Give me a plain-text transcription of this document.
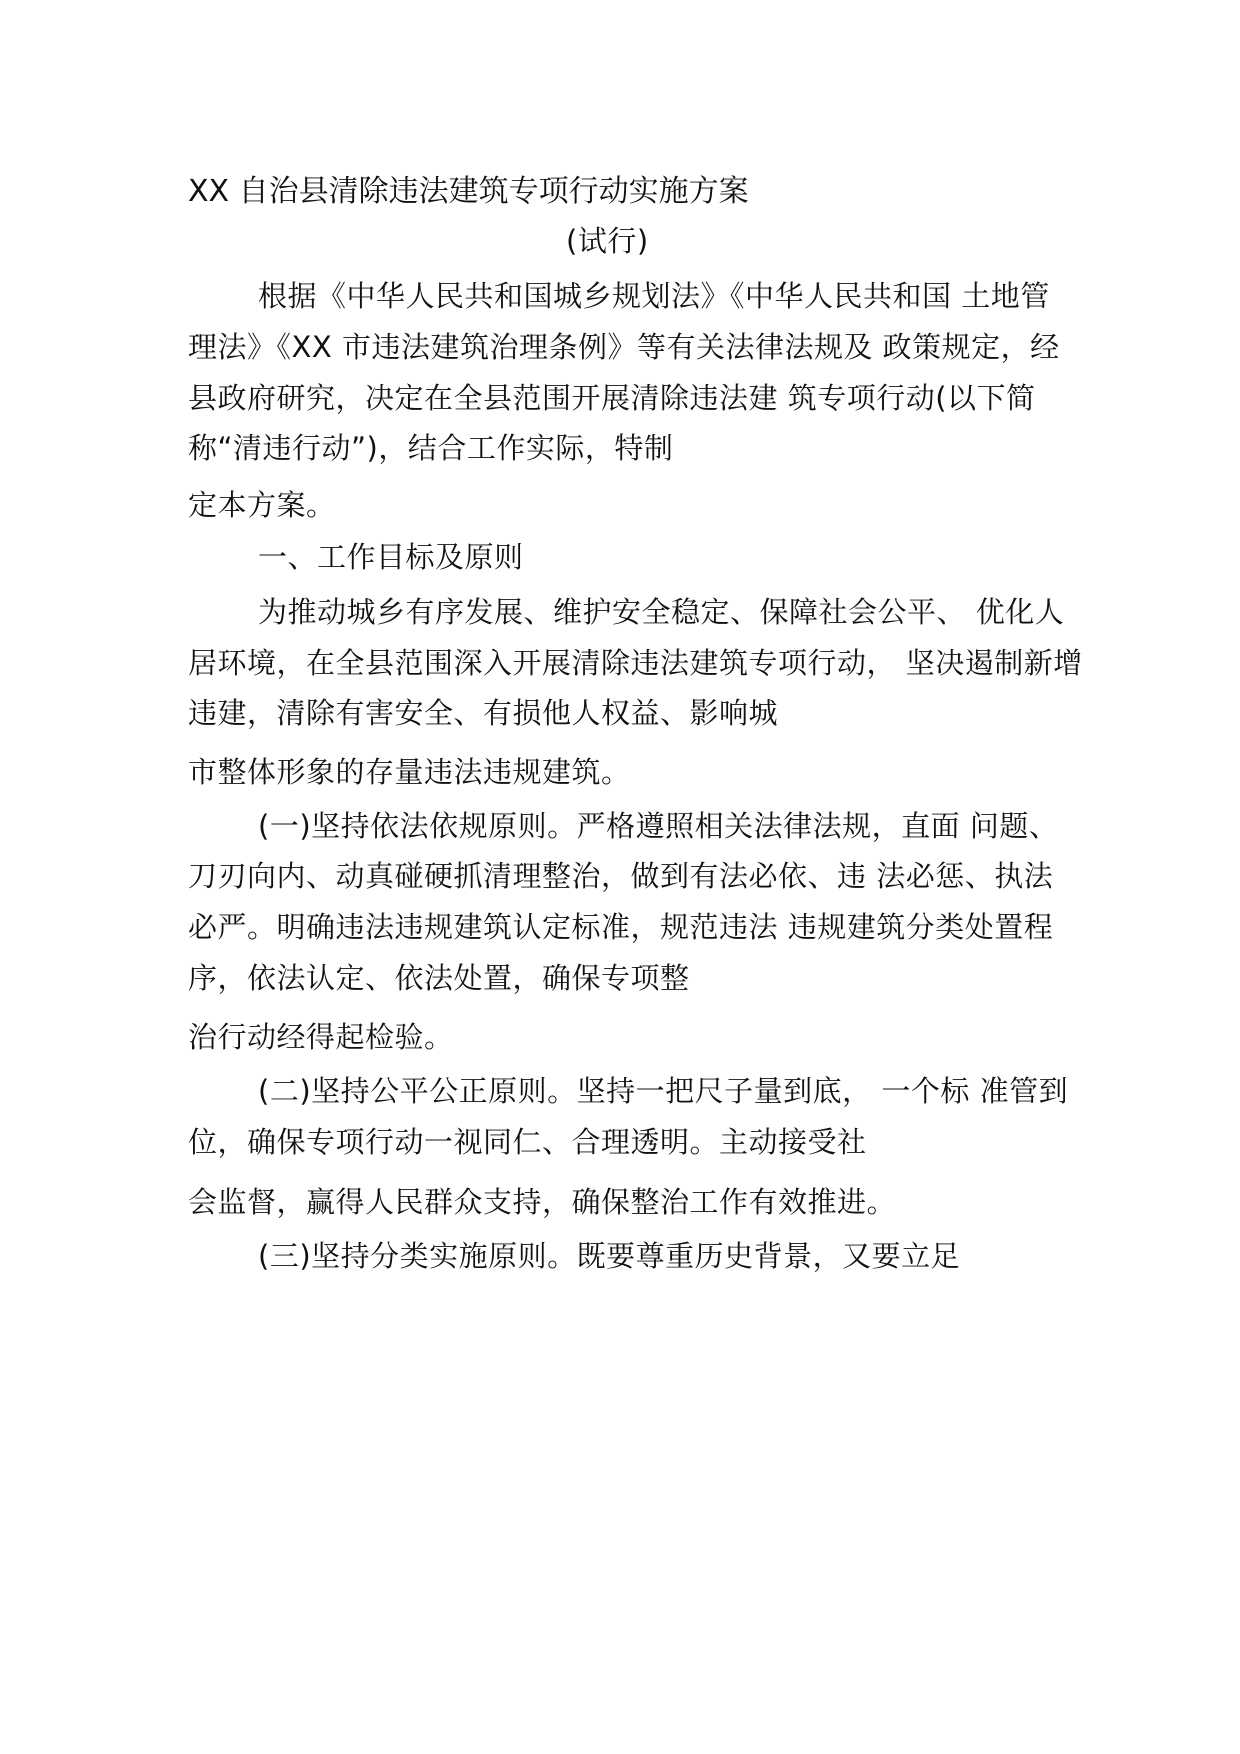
XX 自治县清除违法建筑专项行动实施方案
(试行)
根据《中华人民共和国城乡规划法》《中华人民共和国 土地管
理法》《XX 市违法建筑治理条例》等有关法律法规及 政策规定，经
县政府研究，决定在全县范围开展清除违法建 筑专项行动(以下简
称“清违行动”)，结合工作实际，特制
定本方案。
一、工作目标及原则
为推动城乡有序发展、维护安全稳定、保障社会公平、 优化人
居环境，在全县范围深入开展清除违法建筑专项行动， 坚决遏制新增
违建，清除有害安全、有损他人权益、影响城
市整体形象的存量违法违规建筑。
(一)坚持依法依规原则。严格遵照相关法律法规，直面 问题、
刀刃向内、动真碰硬抓清理整治，做到有法必依、违 法必惩、执法
必严。明确违法违规建筑认定标准，规范违法 违规建筑分类处置程
序，依法认定、依法处置，确保专项整
治行动经得起检验。
(二)坚持公平公正原则。坚持一把尺子量到底， 一个标 准管到
位，确保专项行动一视同仁、合理透明。主动接受社
会监督，赢得人民群众支持，确保整治工作有效推进。
(三)坚持分类实施原则。既要尊重历史背景，又要立足
